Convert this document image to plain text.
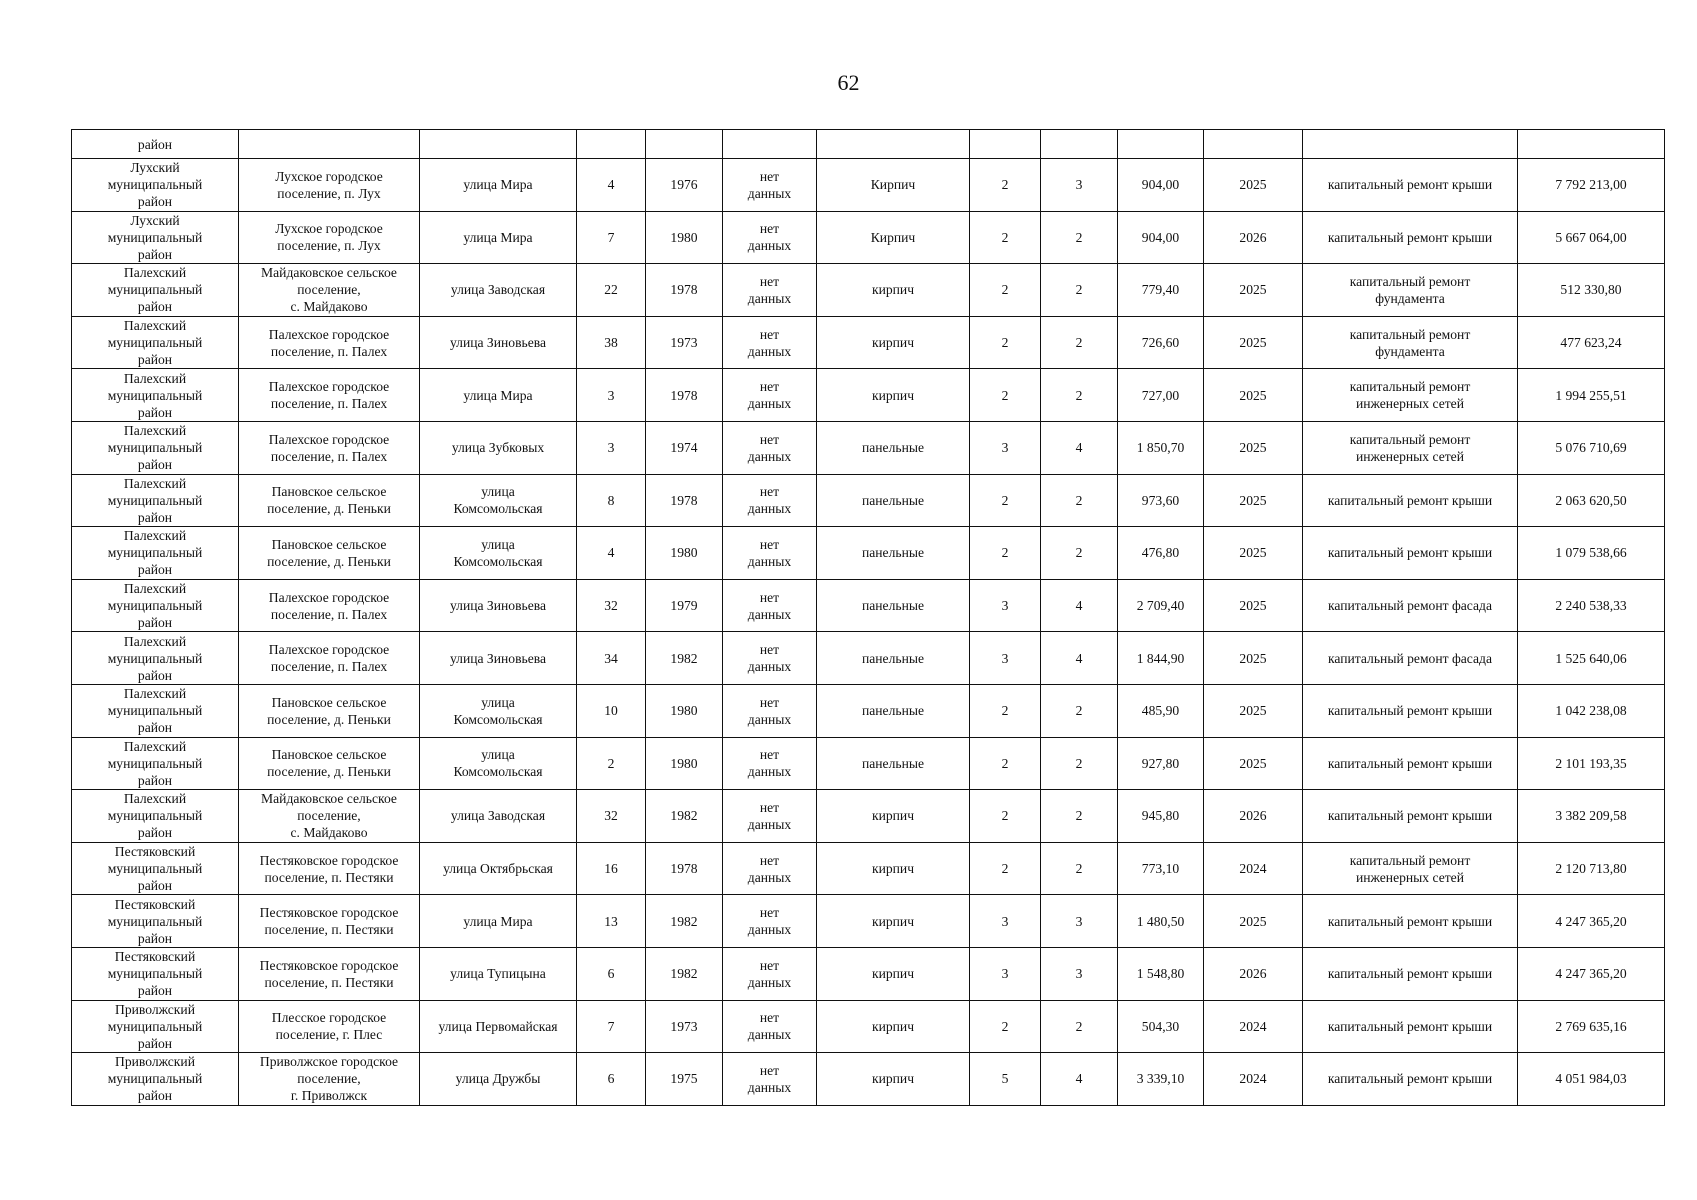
62
район												

Лухский
муниципальный
район	Лухское городское
поселение, п. Лух	улица Мира	4	1976	нет
данных	Кирпич	2	3	904,00	2025	капитальный ремонт крыши	7 792 213,00

Лухский
муниципальный
район	Лухское городское
поселение, п. Лух	улица Мира	7	1980	нет
данных	Кирпич	2	2	904,00	2026	капитальный ремонт крыши	5 667 064,00

Палехский
муниципальный
район	Майдаковское сельское
поселение,
с. Майдаково	улица Заводская	22	1978	нет
данных	кирпич	2	2	779,40	2025	капитальный ремонт
фундамента	512 330,80

Палехский
муниципальный
район	Палехское городское
поселение, п. Палех	улица Зиновьева	38	1973	нет
данных	кирпич	2	2	726,60	2025	капитальный ремонт
фундамента	477 623,24

Палехский
муниципальный
район	Палехское городское
поселение, п. Палех	улица Мира	3	1978	нет
данных	кирпич	2	2	727,00	2025	капитальный ремонт
инженерных сетей	1 994 255,51

Палехский
муниципальный
район	Палехское городское
поселение, п. Палех	улица Зубковых	3	1974	нет
данных	панельные	3	4	1 850,70	2025	капитальный ремонт
инженерных сетей	5 076 710,69

Палехский
муниципальный
район	Пановское сельское
поселение, д. Пеньки	улица
Комсомольская	8	1978	нет
данных	панельные	2	2	973,60	2025	капитальный ремонт крыши	2 063 620,50

Палехский
муниципальный
район	Пановское сельское
поселение, д. Пеньки	улица
Комсомольская	4	1980	нет
данных	панельные	2	2	476,80	2025	капитальный ремонт крыши	1 079 538,66

Палехский
муниципальный
район	Палехское городское
поселение, п. Палех	улица Зиновьева	32	1979	нет
данных	панельные	3	4	2 709,40	2025	капитальный ремонт фасада	2 240 538,33

Палехский
муниципальный
район	Палехское городское
поселение, п. Палех	улица Зиновьева	34	1982	нет
данных	панельные	3	4	1 844,90	2025	капитальный ремонт фасада	1 525 640,06

Палехский
муниципальный
район	Пановское сельское
поселение, д. Пеньки	улица
Комсомольская	10	1980	нет
данных	панельные	2	2	485,90	2025	капитальный ремонт крыши	1 042 238,08

Палехский
муниципальный
район	Пановское сельское
поселение, д. Пеньки	улица
Комсомольская	2	1980	нет
данных	панельные	2	2	927,80	2025	капитальный ремонт крыши	2 101 193,35

Палехский
муниципальный
район	Майдаковское сельское
поселение,
с. Майдаково	улица Заводская	32	1982	нет
данных	кирпич	2	2	945,80	2026	капитальный ремонт крыши	3 382 209,58

Пестяковский
муниципальный
район	Пестяковское городское
поселение, п. Пестяки	улица Октябрьская	16	1978	нет
данных	кирпич	2	2	773,10	2024	капитальный ремонт
инженерных сетей	2 120 713,80

Пестяковский
муниципальный
район	Пестяковское городское
поселение, п. Пестяки	улица Мира	13	1982	нет
данных	кирпич	3	3	1 480,50	2025	капитальный ремонт крыши	4 247 365,20

Пестяковский
муниципальный
район	Пестяковское городское
поселение, п. Пестяки	улица Тупицына	6	1982	нет
данных	кирпич	3	3	1 548,80	2026	капитальный ремонт крыши	4 247 365,20

Приволжский
муниципальный
район	Плесское городское
поселение, г. Плес	улица Первомайская	7	1973	нет
данных	кирпич	2	2	504,30	2024	капитальный ремонт крыши	2 769 635,16

Приволжский
муниципальный
район	Приволжское городское
поселение,
г. Приволжск	улица Дружбы	6	1975	нет
данных	кирпич	5	4	3 339,10	2024	капитальный ремонт крыши	4 051 984,03
